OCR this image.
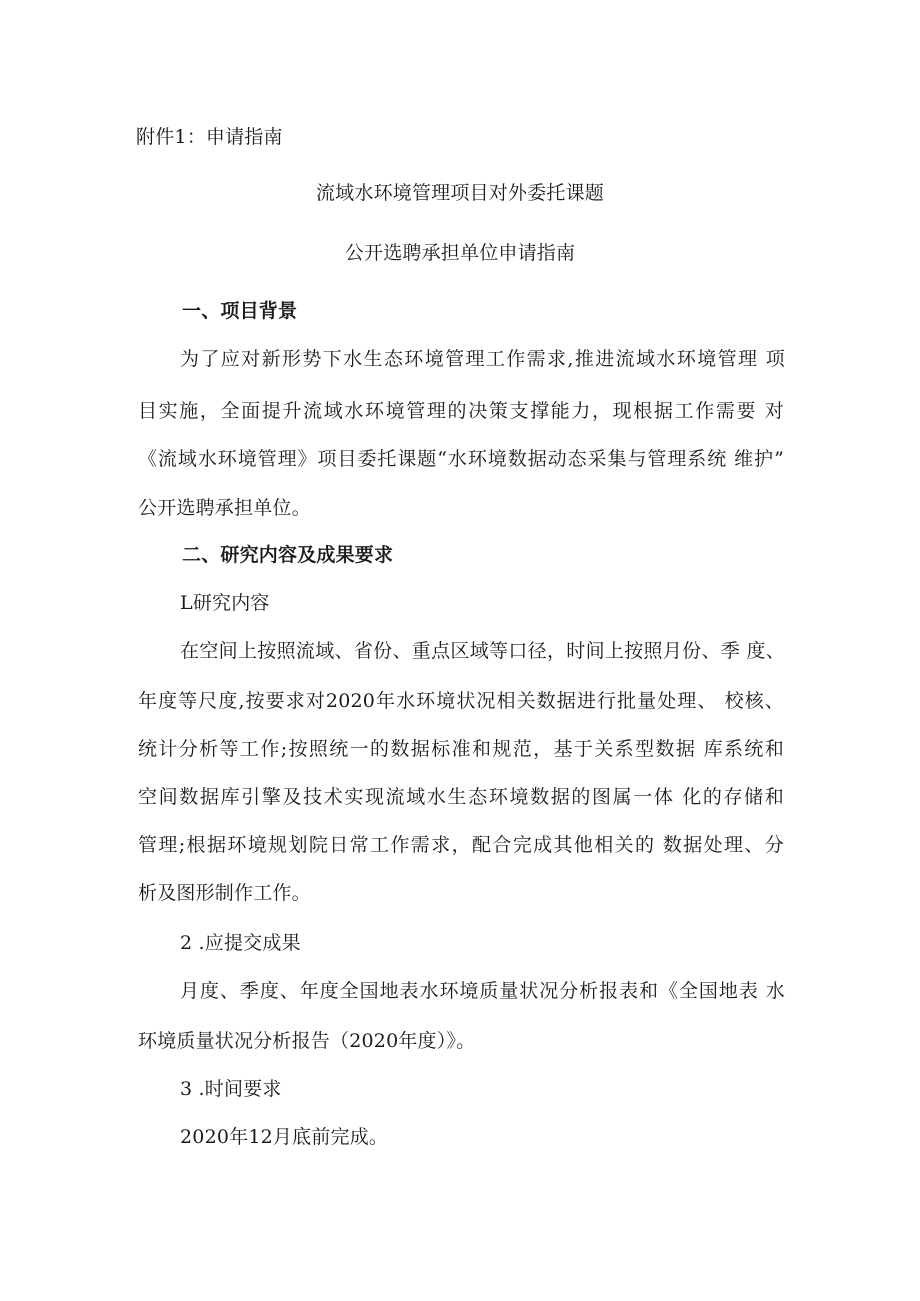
附件1：申请指南
流域水环境管理项目对外委托课题
公开选聘承担单位申请指南
一、项目背景
为了应对新形势下水生态环境管理工作需求,推进流域水环境管理 项
目实施，全面提升流域水环境管理的决策支撑能力，现根据工作需要 对
《流域水环境管理》项目委托课题“水环境数据动态采集与管理系统 维护”
公开选聘承担单位。
二、研究内容及成果要求
L研究内容
在空间上按照流域、省份、重点区域等口径，时间上按照月份、季 度、
年度等尺度,按要求对2020年水环境状况相关数据进行批量处理、 校核、
统计分析等工作;按照统一的数据标准和规范，基于关系型数据 库系统和
空间数据库引擎及技术实现流域水生态环境数据的图属一体 化的存储和
管理;根据环境规划院日常工作需求，配合完成其他相关的 数据处理、分
析及图形制作工作。
2 .应提交成果
月度、季度、年度全国地表水环境质量状况分析报表和《全国地表 水
环境质量状况分析报告（2020年度）》。
3 .时间要求
2020年12月底前完成。
